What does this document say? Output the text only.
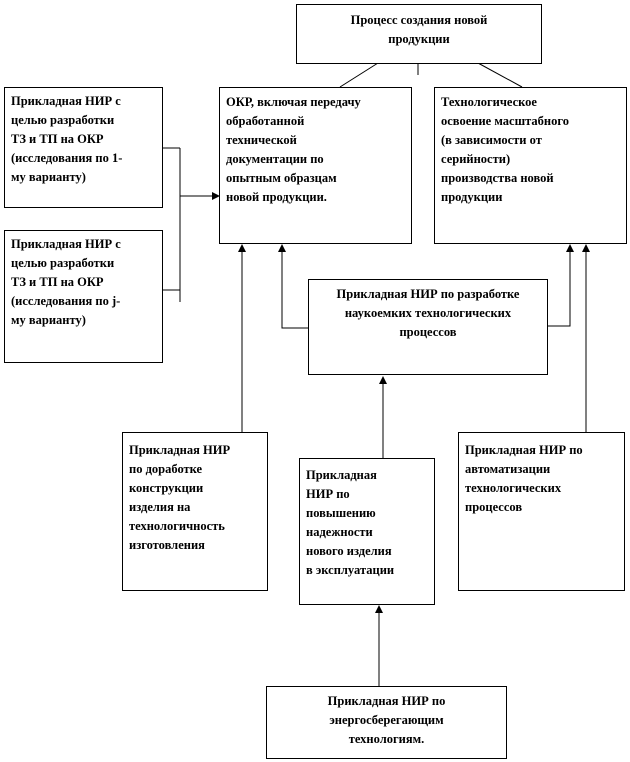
Процесс создания новой
продукции
Прикладная НИР с
целью разработки
ТЗ и ТП на ОКР
(исследования по 1-
му варианту)
Прикладная НИР с
целью разработки
ТЗ и ТП на ОКР
(исследования по j-
му варианту)
ОКР, включая передачу
обработанной
технической
документации по
опытным образцам
новой продукции.
Технологическое
освоение масштабного
(в зависимости от
серийности)
производства новой
продукции
Прикладная НИР по разработке
наукоемких технологических
процессов
Прикладная НИР
по доработке
конструкции
изделия на
технологичность
изготовления
Прикладная
НИР по
повышению
надежности
нового изделия
в эксплуатации
Прикладная НИР по
автоматизации
технологических
процессов
Прикладная НИР по
энергосберегающим
технологиям.
